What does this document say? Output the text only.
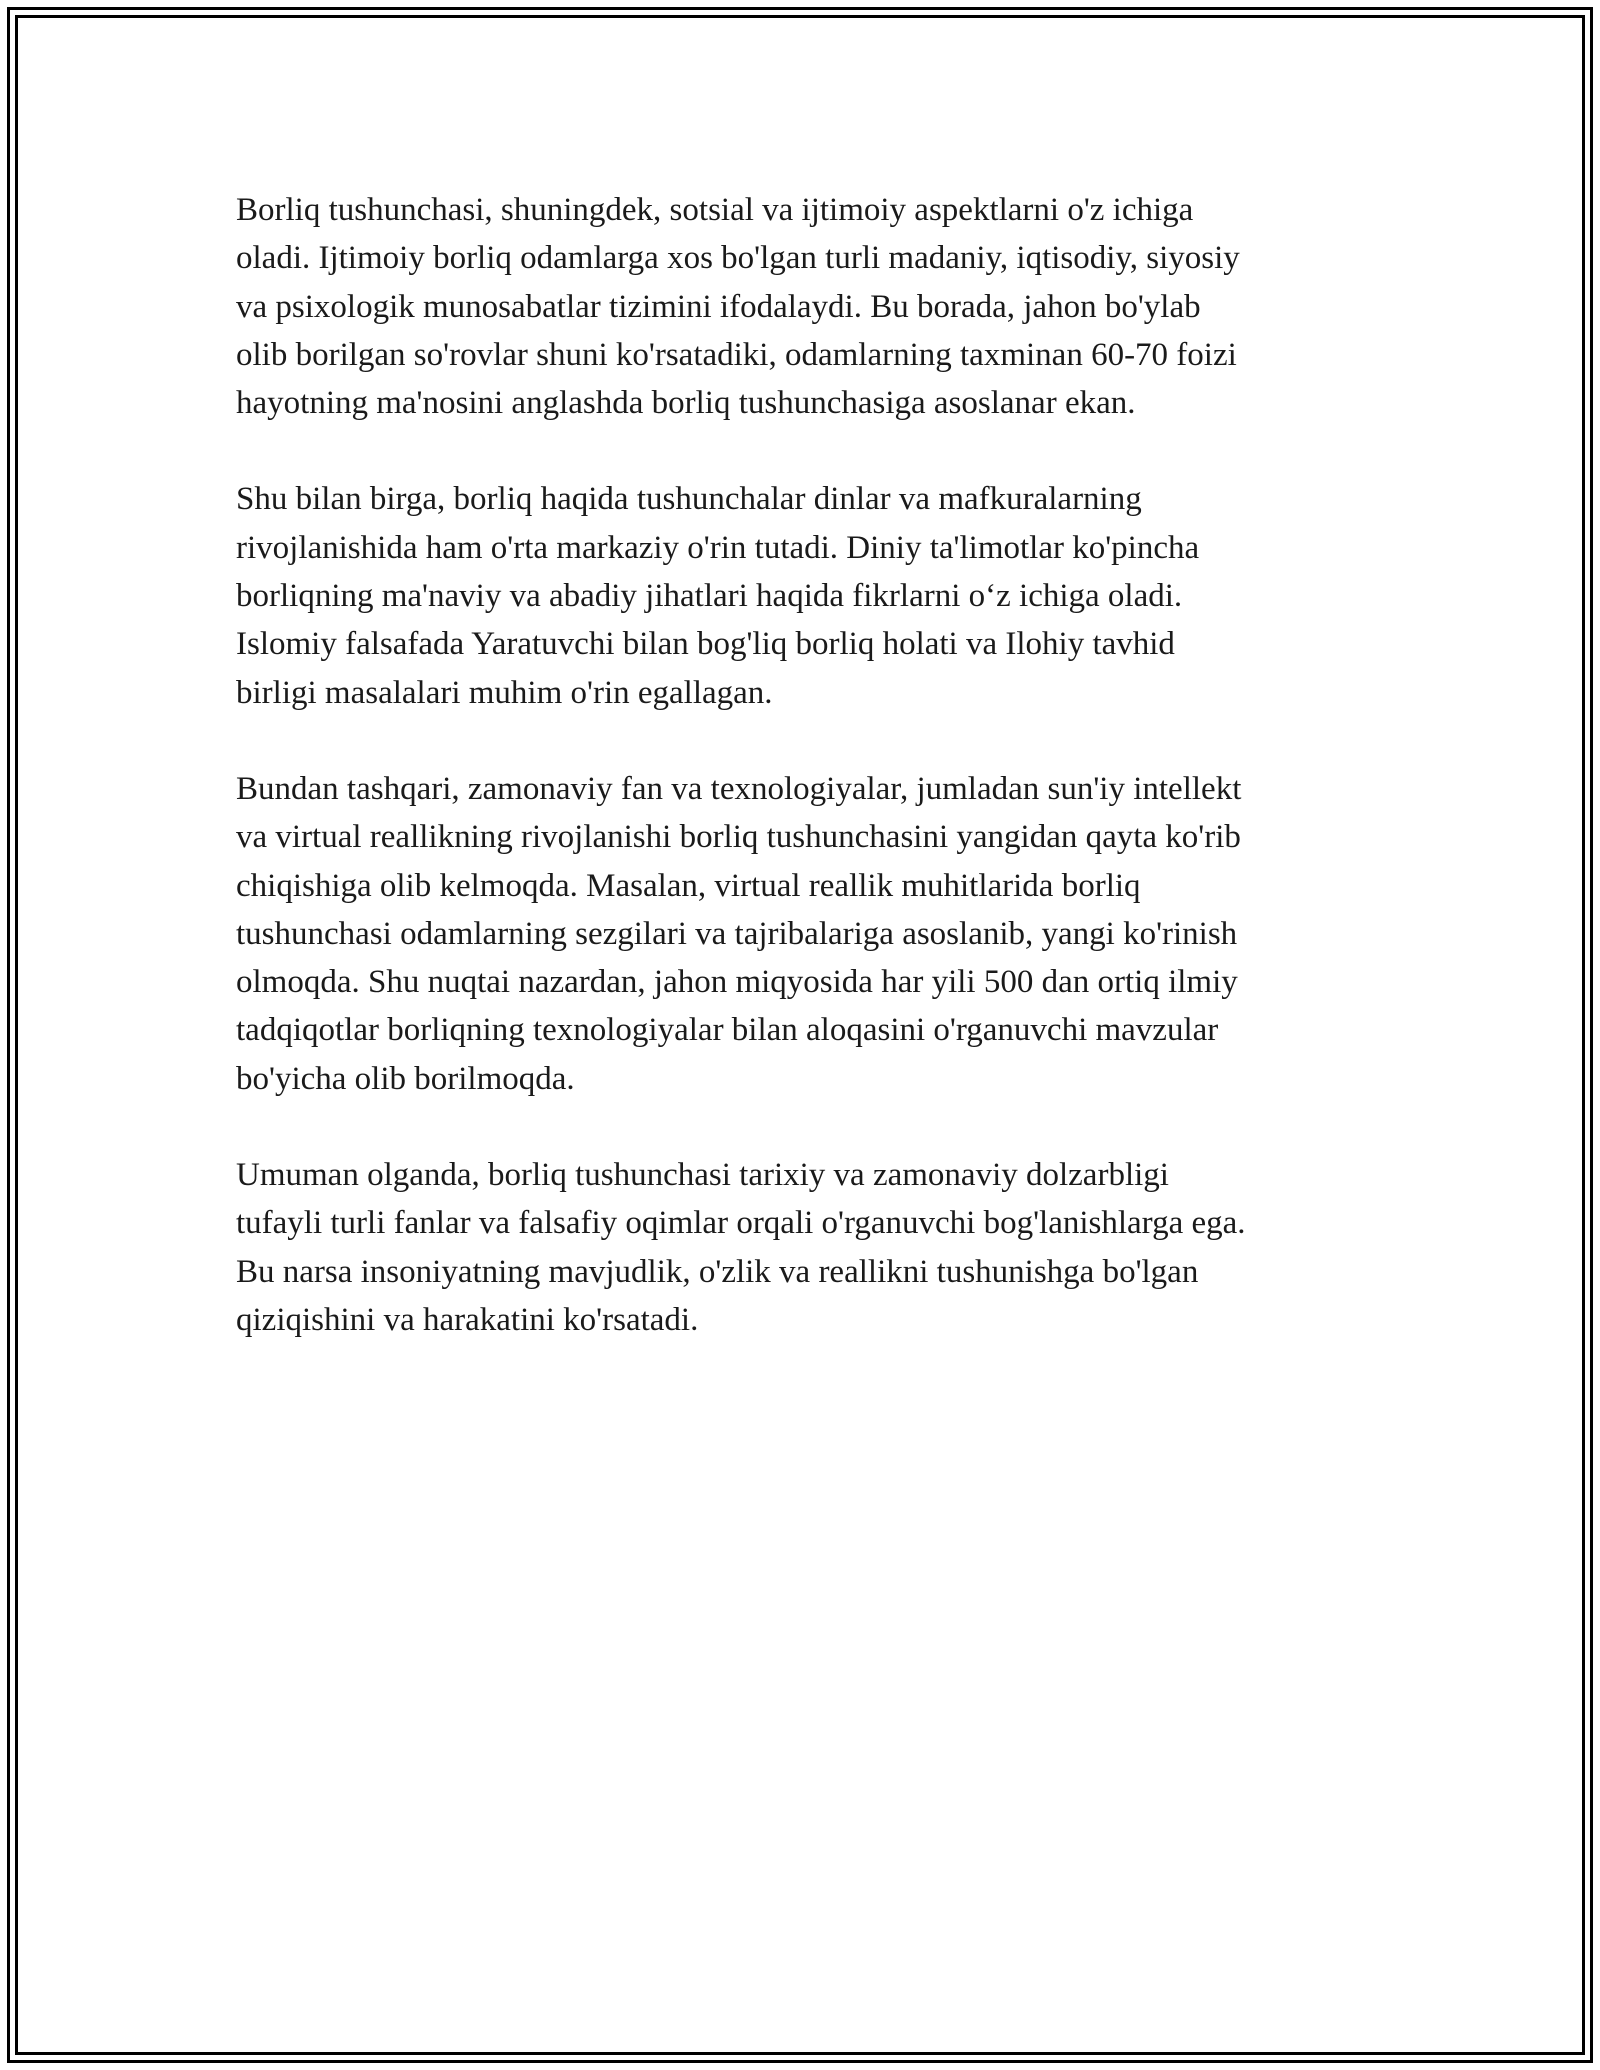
Borliq tushunchasi, shuningdek, sotsial va ijtimoiy aspektlarni o'z ichiga
oladi. Ijtimoiy borliq odamlarga xos bo'lgan turli madaniy, iqtisodiy, siyosiy
va psixologik munosabatlar tizimini ifodalaydi. Bu borada, jahon bo'ylab
olib borilgan so'rovlar shuni ko'rsatadiki, odamlarning taxminan 60-70 foizi
hayotning ma'nosini anglashda borliq tushunchasiga asoslanar ekan.

Shu bilan birga, borliq haqida tushunchalar dinlar va mafkuralarning
rivojlanishida ham o'rta markaziy o'rin tutadi. Diniy ta'limotlar ko'pincha
borliqning ma'naviy va abadiy jihatlari haqida fikrlarni o‘z ichiga oladi.
Islomiy falsafada Yaratuvchi bilan bog'liq borliq holati va Ilohiy tavhid
birligi masalalari muhim o'rin egallagan.

Bundan tashqari, zamonaviy fan va texnologiyalar, jumladan sun'iy intellekt
va virtual reallikning rivojlanishi borliq tushunchasini yangidan qayta ko'rib
chiqishiga olib kelmoqda. Masalan, virtual reallik muhitlarida borliq
tushunchasi odamlarning sezgilari va tajribalariga asoslanib, yangi ko'rinish
olmoqda. Shu nuqtai nazardan, jahon miqyosida har yili 500 dan ortiq ilmiy
tadqiqotlar borliqning texnologiyalar bilan aloqasini o'rganuvchi mavzular
bo'yicha olib borilmoqda.

Umuman olganda, borliq tushunchasi tarixiy va zamonaviy dolzarbligi
tufayli turli fanlar va falsafiy oqimlar orqali o'rganuvchi bog'lanishlarga ega.
Bu narsa insoniyatning mavjudlik, o'zlik va reallikni tushunishga bo'lgan
qiziqishini va harakatini ko'rsatadi.
